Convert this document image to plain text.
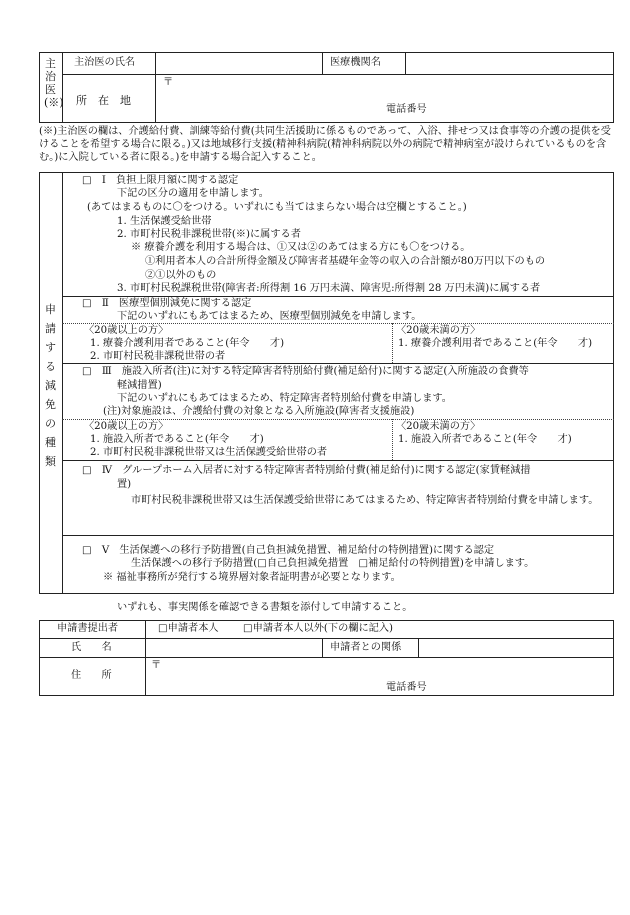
主治医(※)
主治医の氏名	医療機関名
所　在　地
〒
電話番号
(※)主治医の欄は、介護給付費、訓練等給付費(共同生活援助に係るものであって、入浴、排せつ又は食事等の介護の提供を受けることを希望する場合に限る。)又は地域移行支援(精神科病院(精神科病院以外の病院で精神病室が設けられているものを含む。)に入院している者に限る。)を申請する場合記入すること。
申請する減免の種類
□　Ⅰ　負担上限月額に関する認定
下記の区分の適用を申請します。
(あてはまるものに〇をつける。いずれにも当てはまらない場合は空欄とすること。)
1. 生活保護受給世帯
2. 市町村民税非課税世帯(※)に属する者
※ 療養介護を利用する場合は、①又は②のあてはまる方にも〇をつける。
①利用者本人の合計所得金額及び障害者基礎年金等の収入の合計額が80万円以下のもの
②①以外のもの
3. 市町村民税課税世帯(障害者:所得割 16 万円未満、障害児:所得割 28 万円未満)に属する者
□　Ⅱ　医療型個別減免に関する認定
下記のいずれにもあてはまるため、医療型個別減免を申請します。
〈20歳以上の方〉
1. 療養介護利用者であること(年令　　才)
2. 市町村民税非課税世帯の者
〈20歳未満の方〉
1. 療養介護利用者であること(年令　　才)
□　Ⅲ　施設入所者(注)に対する特定障害者特別給付費(補足給付)に関する認定(入所施設の食費等
軽減措置)
下記のいずれにもあてはまるため、特定障害者特別給付費を申請します。
(注)対象施設は、介護給付費の対象となる入所施設(障害者支援施設)
〈20歳以上の方〉
1. 施設入所者であること(年令　　才)
2. 市町村民税非課税世帯又は生活保護受給世帯の者
〈20歳未満の方〉
1. 施設入所者であること(年令　　才)
□　Ⅳ　グループホーム入居者に対する特定障害者特別給付費(補足給付)に関する認定(家賃軽減措
置)
市町村民税非課税世帯又は生活保護受給世帯にあてはまるため、特定障害者特別給付費を申請します。
□　Ⅴ　生活保護への移行予防措置(自己負担減免措置、補足給付の特例措置)に関する認定
生活保護への移行予防措置(□自己負担減免措置　□補足給付の特例措置)を申請します。
※ 福祉事務所が発行する境界層対象者証明書が必要となります。
いずれも、事実関係を確認できる書類を添付して申請すること。
申請書提出者	□申請者本人 □申請者本人以外(下の欄に記入)
氏　　名	申請者との関係
住　　所
〒
電話番号
